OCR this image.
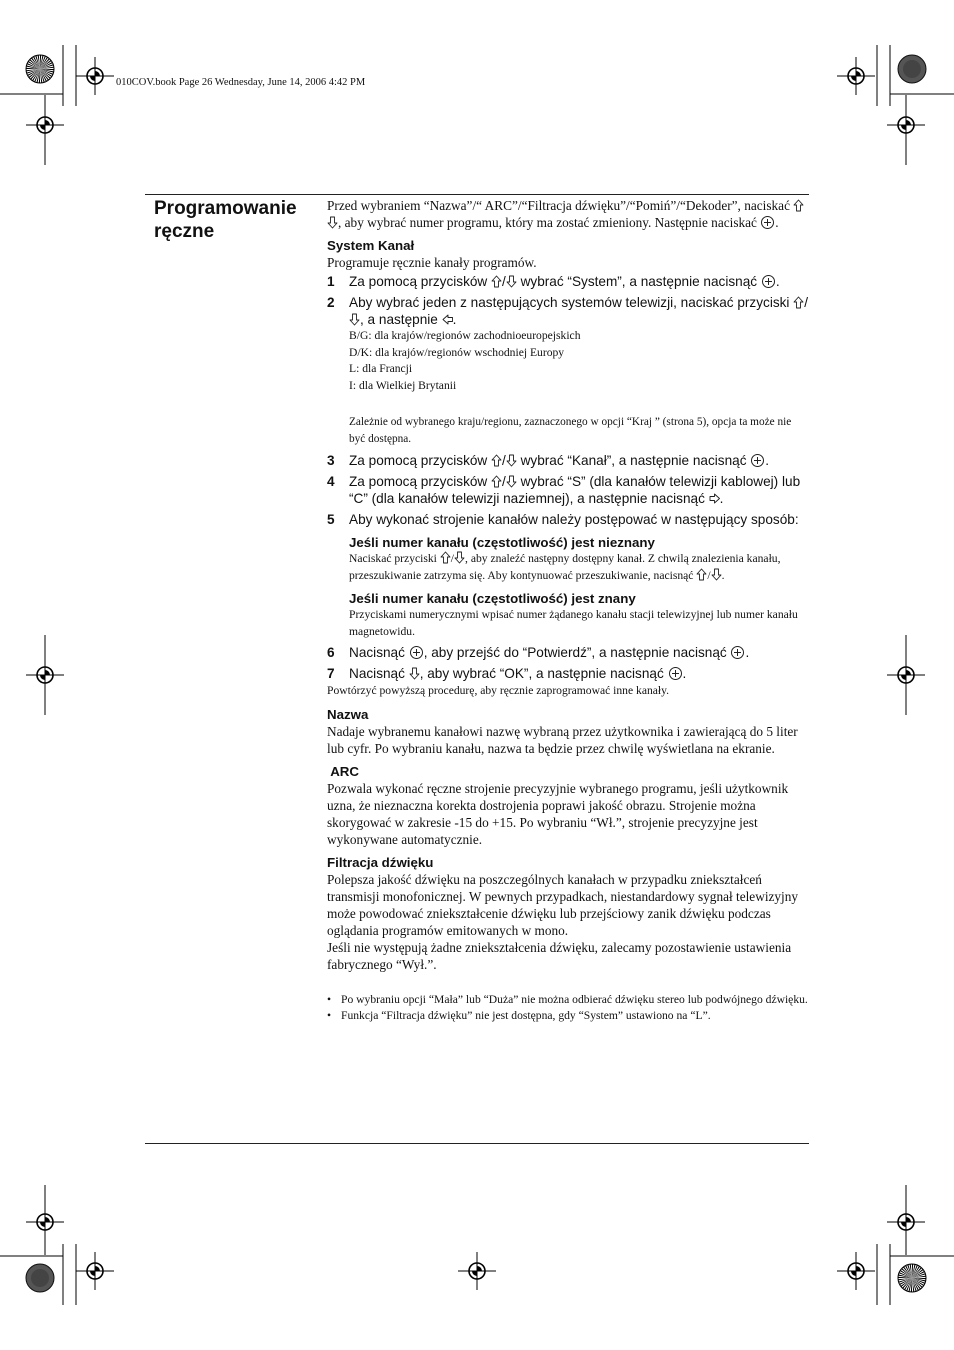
010COV.book Page 26 Wednesday, June 14, 2006 4:42 PM
Programowanie ręczne

Przed wybraniem “Nazwa”/“ ARC”/“Filtracja dźwięku”/“Pomiń”/“Dekoder”, naciskać  , aby wybrać numer programu, który ma zostać zmieniony. Następnie naciskać .

System Kanał

Programuje ręcznie kanały programów.

1	Za pomocą przycisków / wybrać “System”, a następnie nacisnąć .
2	Aby wybrać jeden z następujących systemów telewizji, naciskać przyciski /, a następnie .
B/G: dla krajów/regionów zachodnioeuropejskich
D/K: dla krajów/regionów wschodniej Europy
L: dla Francji
I: dla Wielkiej Brytanii
Zależnie od wybranego kraju/regionu, zaznaczonego w opcji “Kraj ” (strona 5), opcja ta może nie być dostępna.
3	Za pomocą przycisków / wybrać “Kanał”, a następnie nacisnąć .
4	Za pomocą przycisków / wybrać “S” (dla kanałów telewizji kablowej) lub “C” (dla kanałów telewizji naziemnej), a następnie nacisnąć .
5	Aby wykonać strojenie kanałów należy postępować w następujący sposób:
Jeśli numer kanału (częstotliwość) jest nieznany
Naciskać przyciski / , aby znaleźć następny dostępny kanał. Z chwilą znalezienia kanału, przeszukiwanie zatrzyma się. Aby kontynuować przeszukiwanie, nacisnąć / .
Jeśli numer kanału (częstotliwość) jest znany
Przyciskami numerycznymi wpisać numer żądanego kanału stacji telewizyjnej lub numer kanału magnetowidu.
6	Nacisnąć , aby przejść do “Potwierdź”, a następnie nacisnąć .
7	Nacisnąć , aby wybrać “OK”, a następnie nacisnąć .

Powtórzyć powyższą procedurę, aby ręcznie zaprogramować inne kanały.

Nazwa

Nadaje wybranemu kanałowi nazwę wybraną przez użytkownika i zawierającą do 5 liter lub cyfr. Po wybraniu kanału, nazwa ta będzie przez chwilę wyświetlana na ekranie.

ARC

Pozwala wykonać ręczne strojenie precyzyjnie wybranego programu, jeśli użytkownik uzna, że nieznaczna korekta dostrojenia poprawi jakość obrazu. Strojenie można skorygować w zakresie -15 do +15. Po wybraniu “Wł.”, strojenie precyzyjne jest wykonywane automatycznie.

Filtracja dźwięku

Polepsza jakość dźwięku na poszczególnych kanałach w przypadku zniekształceń transmisji monofonicznej. W pewnych przypadkach, niestandardowy sygnał telewizyjny może powodować zniekształcenie dźwięku lub przejściowy zanik dźwięku podczas oglądania programów emitowanych w mono.

Jeśli nie występują żadne zniekształcenia dźwięku, zalecamy pozostawienie ustawienia fabrycznego “Wył.”.

• Po wybraniu opcji “Mała” lub “Duża” nie można odbierać dźwięku stereo lub podwójnego dźwięku.
• Funkcja “Filtracja dźwięku” nie jest dostępna, gdy “System” ustawiono na “L”.
